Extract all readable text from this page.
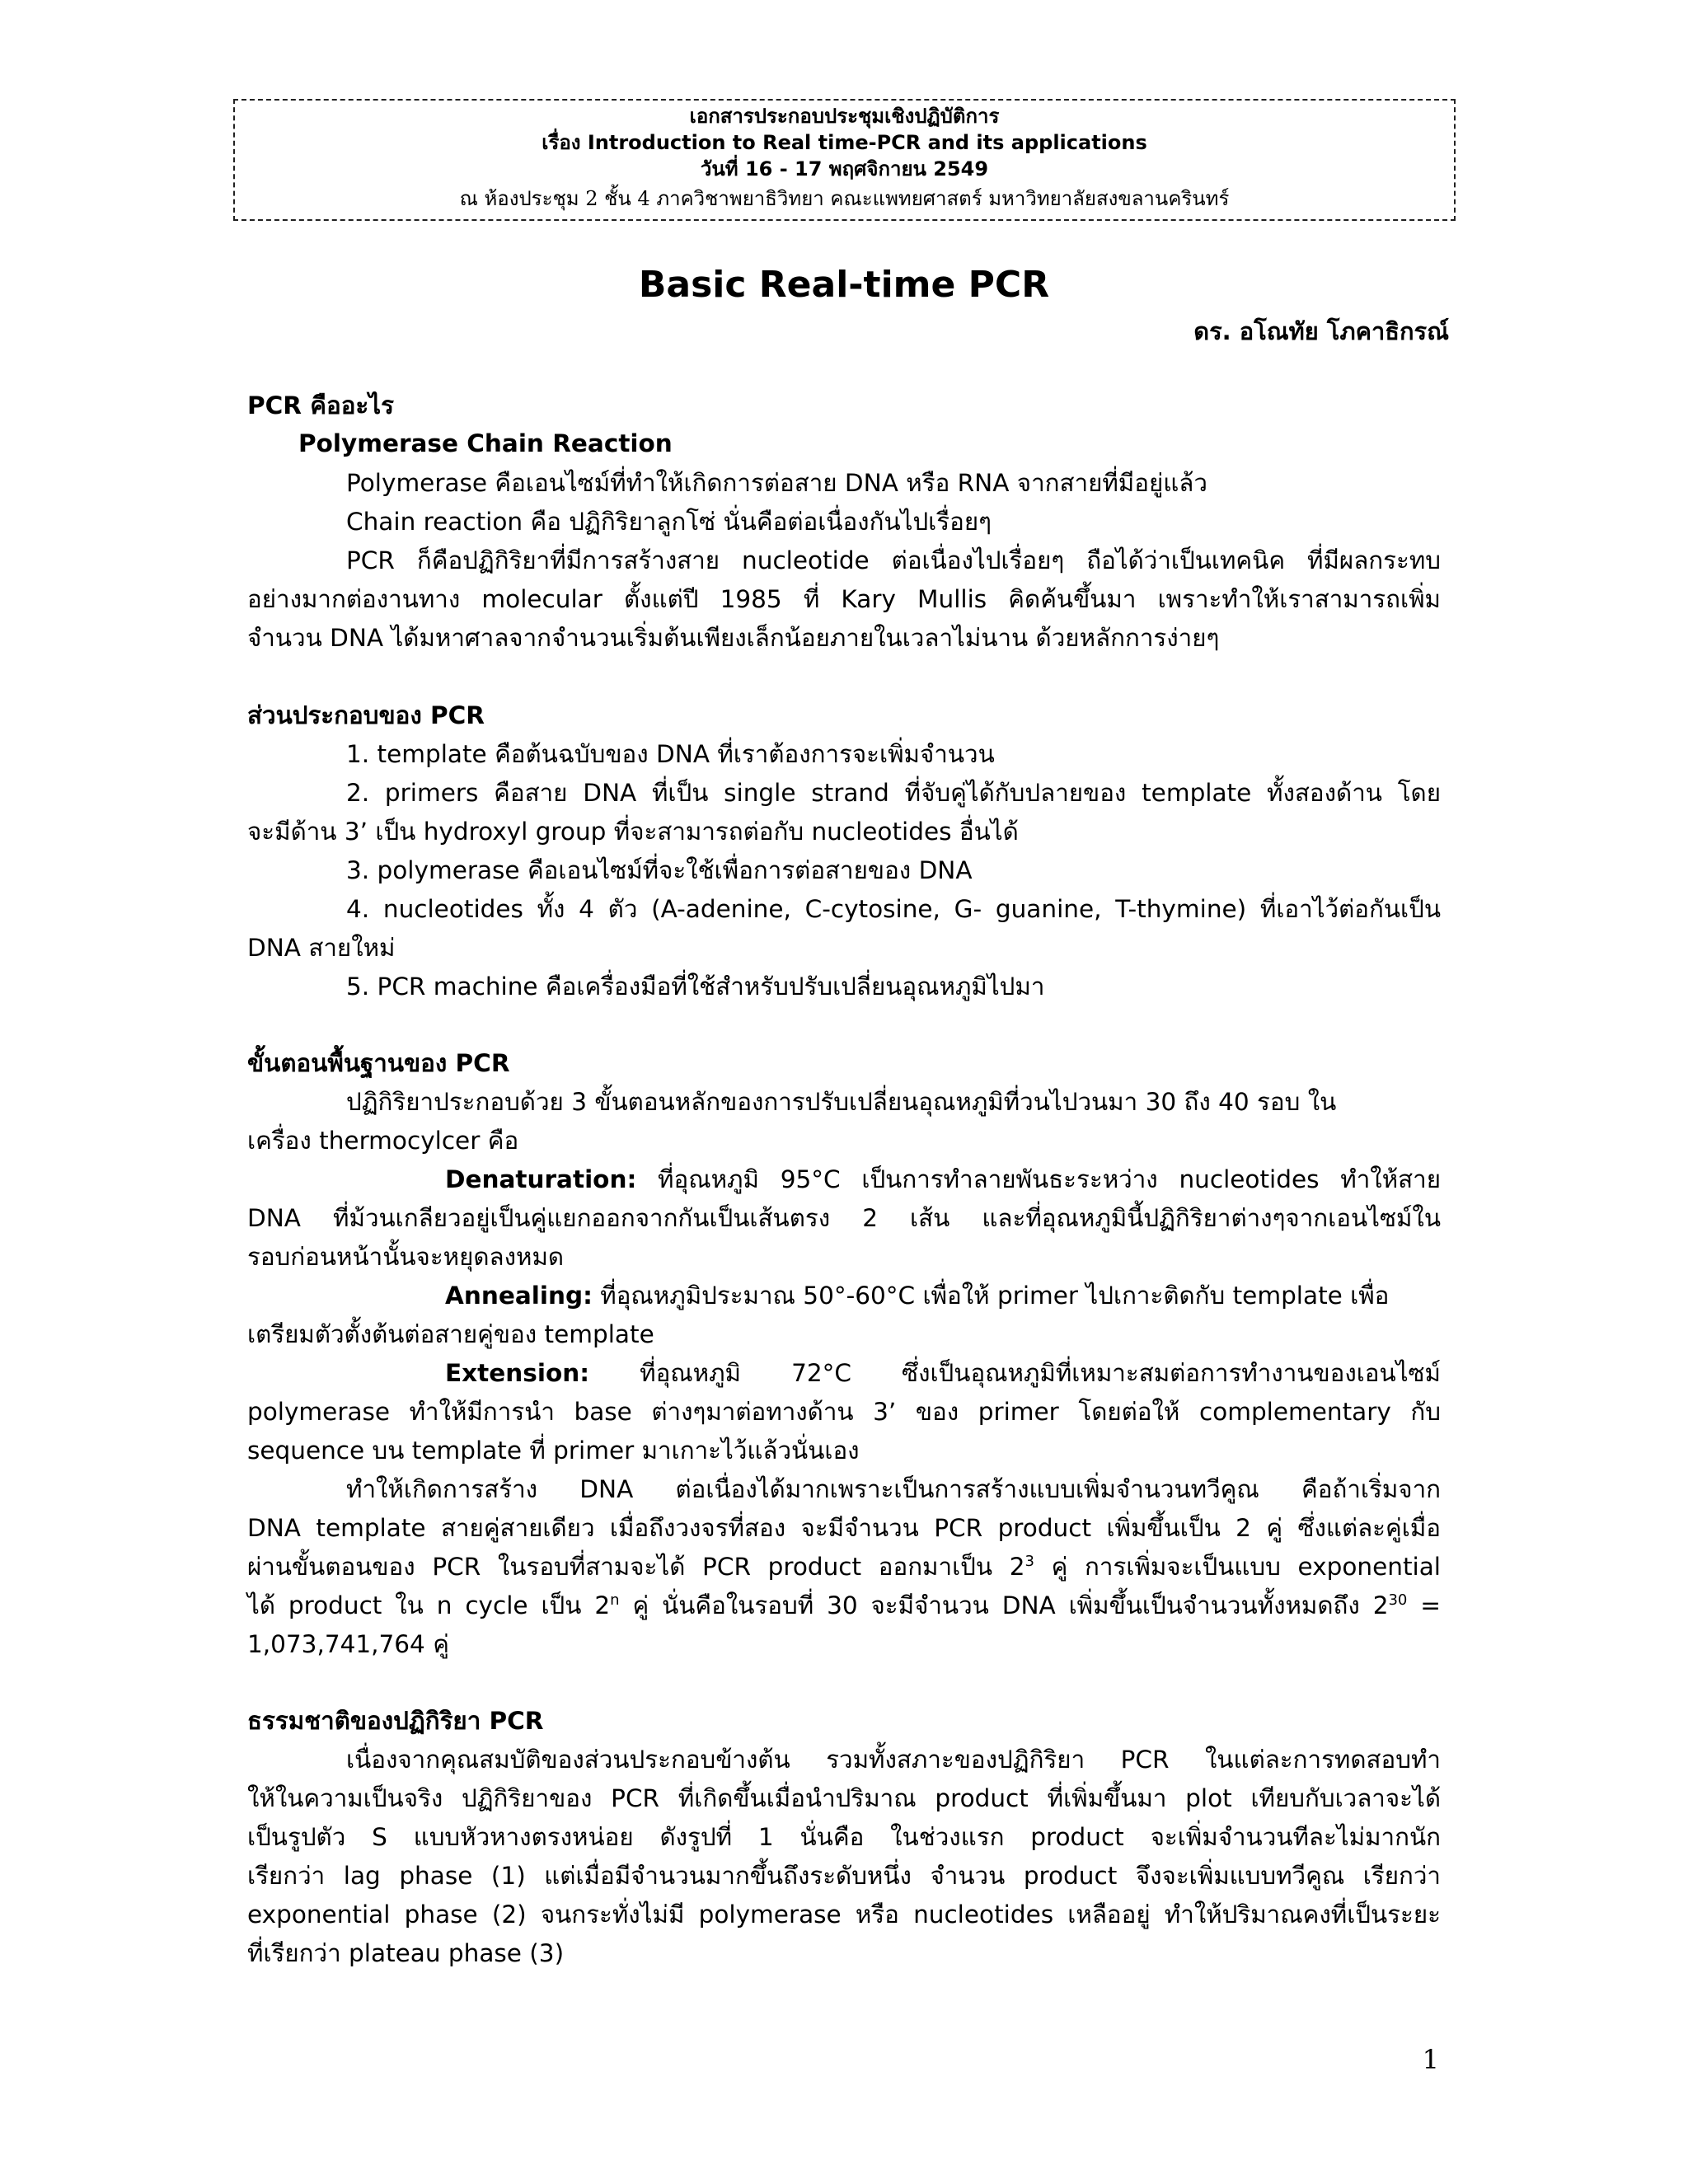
เอกสารประกอบประชุมเชิงปฏิบัติการ
เรื่อง Introduction to Real time-PCR and its applications
วันที่ 16 - 17 พฤศจิกายน 2549
ณ ห้องประชุม 2 ชั้น 4 ภาควิชาพยาธิวิทยา คณะแพทยศาสตร์ มหาวิทยาลัยสงขลานครินทร์
Basic Real-time PCR
ดร. อโณทัย โภคาธิกรณ์
PCR คืออะไร
Polymerase Chain Reaction
Polymerase คือเอนไซม์ที่ทำให้เกิดการต่อสาย DNA หรือ RNA จากสายที่มีอยู่แล้ว
Chain reaction คือ ปฏิกิริยาลูกโซ่ นั่นคือต่อเนื่องกันไปเรื่อยๆ
PCR ก็คือปฏิกิริยาที่มีการสร้างสาย nucleotide ต่อเนื่องไปเรื่อยๆ ถือได้ว่าเป็นเทคนิค ที่มีผลกระทบ
อย่างมากต่องานทาง molecular ตั้งแต่ปี 1985 ที่ Kary Mullis คิดค้นขึ้นมา เพราะทำให้เราสามารถเพิ่ม
จำนวน DNA ได้มหาศาลจากจำนวนเริ่มต้นเพียงเล็กน้อยภายในเวลาไม่นาน ด้วยหลักการง่ายๆ
ส่วนประกอบของ PCR
1. template คือต้นฉบับของ DNA ที่เราต้องการจะเพิ่มจำนวน
2. primers คือสาย DNA ที่เป็น single strand ที่จับคู่ได้กับปลายของ template ทั้งสองด้าน โดย
จะมีด้าน 3’ เป็น hydroxyl group ที่จะสามารถต่อกับ nucleotides อื่นได้
3. polymerase คือเอนไซม์ที่จะใช้เพื่อการต่อสายของ DNA
4. nucleotides ทั้ง 4 ตัว (A-adenine, C-cytosine, G- guanine, T-thymine) ที่เอาไว้ต่อกันเป็น
DNA สายใหม่
5. PCR machine คือเครื่องมือที่ใช้สำหรับปรับเปลี่ยนอุณหภูมิไปมา
ขั้นตอนพื้นฐานของ PCR
ปฏิกิริยาประกอบด้วย 3 ขั้นตอนหลักของการปรับเปลี่ยนอุณหภูมิที่วนไปวนมา 30 ถึง 40 รอบ ใน
เครื่อง thermocylcer คือ
Denaturation: ที่อุณหภูมิ 95°C เป็นการทำลายพันธะระหว่าง nucleotides ทำให้สาย
DNA ที่ม้วนเกลียวอยู่เป็นคู่แยกออกจากกันเป็นเส้นตรง 2 เส้น และที่อุณหภูมินี้ปฏิกิริยาต่างๆจากเอนไซม์ใน
รอบก่อนหน้านั้นจะหยุดลงหมด
Annealing: ที่อุณหภูมิประมาณ 50°-60°C เพื่อให้ primer ไปเกาะติดกับ template เพื่อ
เตรียมตัวตั้งต้นต่อสายคู่ของ template
Extension: ที่อุณหภูมิ 72°C ซึ่งเป็นอุณหภูมิที่เหมาะสมต่อการทำงานของเอนไซม์
polymerase ทำให้มีการนำ base ต่างๆมาต่อทางด้าน 3’ ของ primer โดยต่อให้ complementary กับ
sequence บน template ที่ primer มาเกาะไว้แล้วนั่นเอง
ทำให้เกิดการสร้าง DNA ต่อเนื่องได้มากเพราะเป็นการสร้างแบบเพิ่มจำนวนทวีคูณ คือถ้าเริ่มจาก
DNA template สายคู่สายเดียว เมื่อถึงวงจรที่สอง จะมีจำนวน PCR product เพิ่มขึ้นเป็น 2 คู่ ซึ่งแต่ละคู่เมื่อ
ผ่านขั้นตอนของ PCR ในรอบที่สามจะได้ PCR product ออกมาเป็น $2^3$ คู่ การเพิ่มจะเป็นแบบ exponential
ได้ product ใน n cycle เป็น 2$^n$ คู่ นั่นคือในรอบที่ 30 จะมีจำนวน DNA เพิ่มขึ้นเป็นจำนวนทั้งหมดถึง $2^{30}$ =
1,073,741,764 คู่
ธรรมชาติของปฏิกิริยา PCR
เนื่องจากคุณสมบัติของส่วนประกอบข้างต้น รวมทั้งสภาะของปฏิกิริยา PCR ในแต่ละการทดสอบทำ
ให้ในความเป็นจริง ปฏิกิริยาของ PCR ที่เกิดขึ้นเมื่อนำปริมาณ product ที่เพิ่มขึ้นมา plot เทียบกับเวลาจะได้
เป็นรูปตัว S แบบหัวหางตรงหน่อย ดังรูปที่ 1 นั่นคือ ในช่วงแรก product จะเพิ่มจำนวนทีละไม่มากนัก
เรียกว่า lag phase (1) แต่เมื่อมีจำนวนมากขึ้นถึงระดับหนึ่ง จำนวน product จึงจะเพิ่มแบบทวีคูณ เรียกว่า
exponential phase (2) จนกระทั่งไม่มี polymerase หรือ nucleotides เหลืออยู่ ทำให้ปริมาณคงที่เป็นระยะ
ที่เรียกว่า plateau phase (3)
1
